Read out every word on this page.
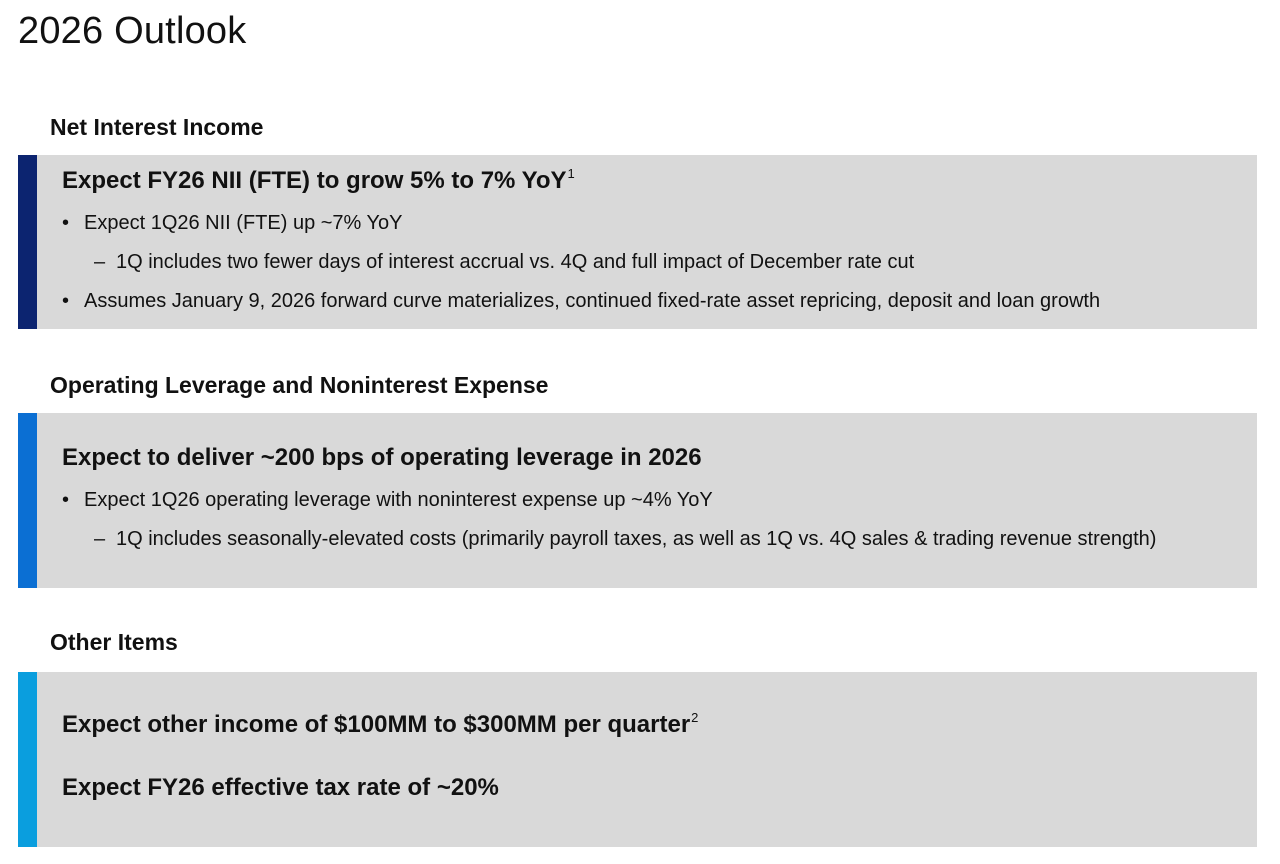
2026 Outlook
Net Interest Income

Expect FY26 NII (FTE) to grow 5% to 7% YoY$^1$

• Expect 1Q26 NII (FTE) up ~7% YoY

– 1Q includes two fewer days of interest accrual vs. 4Q and full impact of December rate cut

• Assumes January 9, 2026 forward curve materializes, continued fixed-rate asset repricing, deposit and loan growth

Operating Leverage and Noninterest Expense

Expect to deliver ~200 bps of operating leverage in 2026

• Expect 1Q26 operating leverage with noninterest expense up ~4% YoY

– 1Q includes seasonally-elevated costs (primarily payroll taxes, as well as 1Q vs. 4Q sales & trading revenue strength)

Other Items

Expect other income of $100MM to $300MM per quarter$^2$

Expect FY26 effective tax rate of ~20%
